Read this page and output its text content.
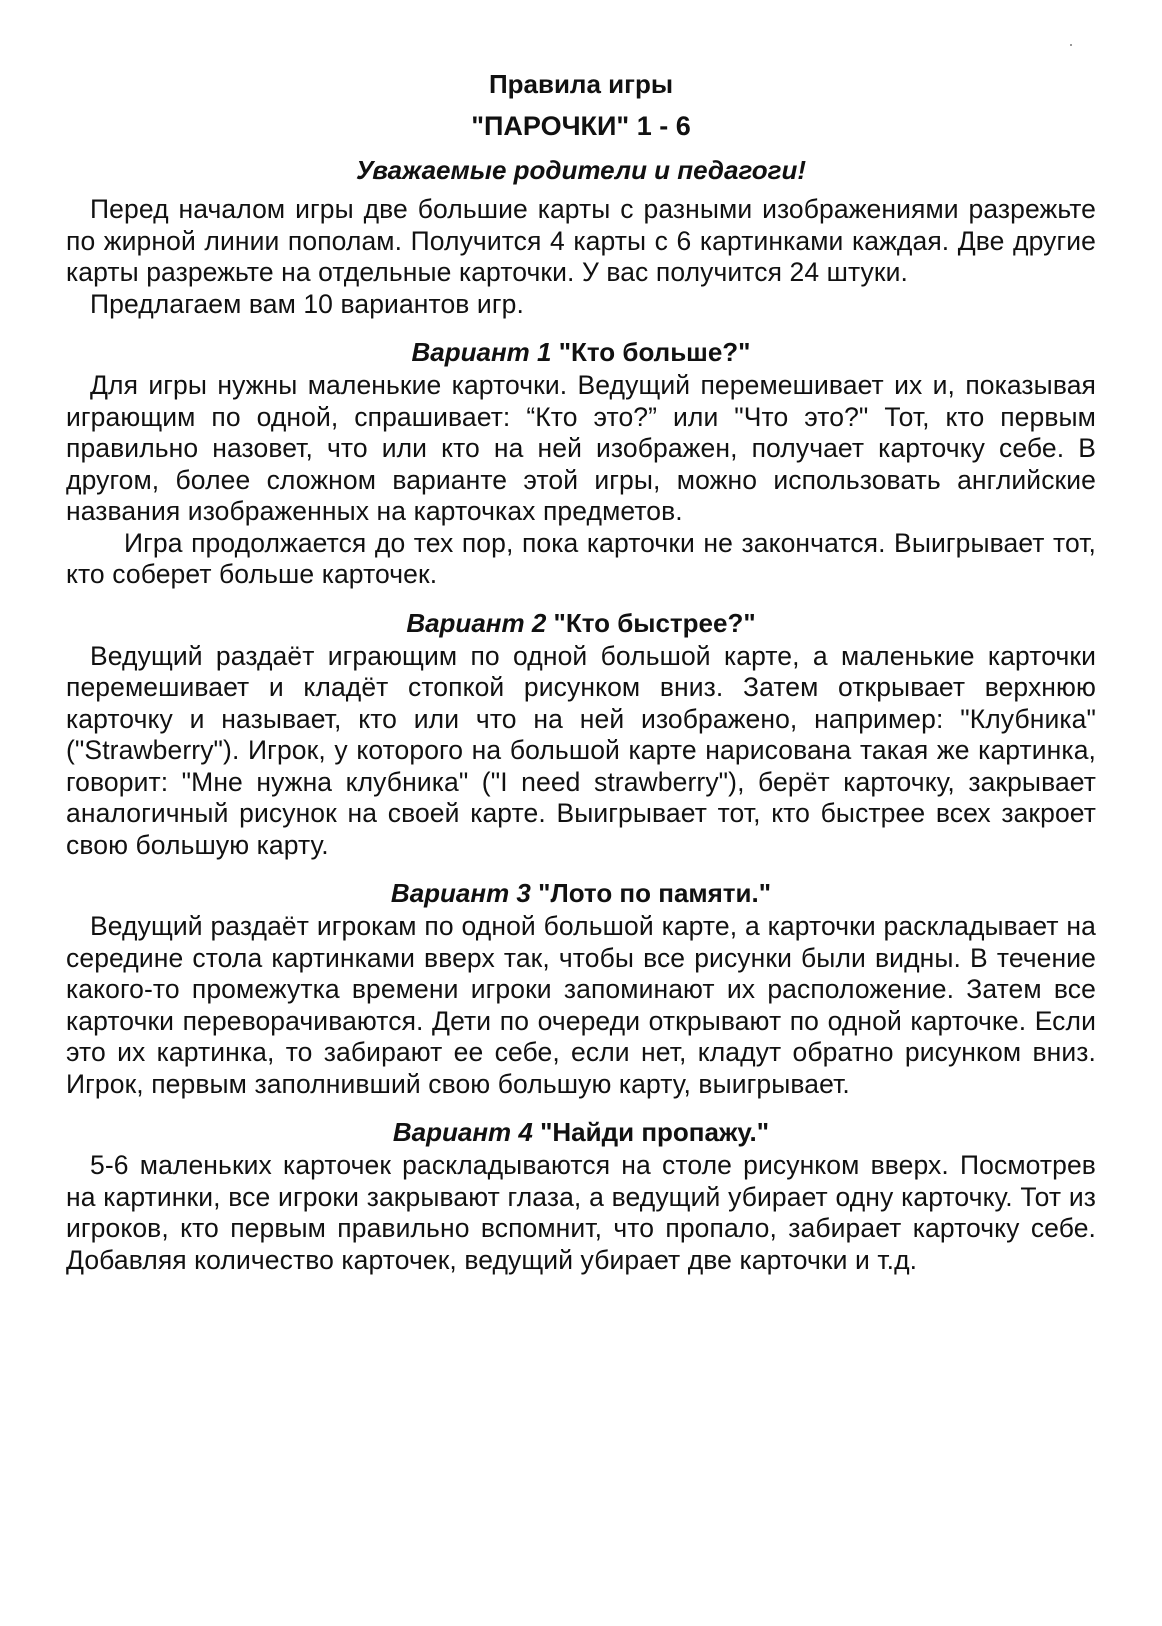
Правила игры
"ПАРОЧКИ" 1 - 6

Уважаемые родители и педагоги!

Перед началом игры две большие карты с разными изображениями разрежьте по жирной линии пополам. Получится 4 карты с 6 картинками каждая. Две другие карты разрежьте на отдельные карточки. У вас получится 24 штуки.

Предлагаем вам 10 вариантов игр.

Вариант 1 "Кто больше?"

Для игры нужны маленькие карточки. Ведущий перемешивает их и, показывая играющим по одной, спрашивает: “Кто это?” или "Что это?" Тот, кто первым правильно назовет, что или кто на ней изображен, получает карточку себе. В другом, более сложном варианте этой игры, можно использовать английские названия изображенных на карточках предметов.

Игра продолжается до тех пор, пока карточки не закончатся. Выигрывает тот, кто соберет больше карточек.

Вариант 2 "Кто быстрее?"

Ведущий раздаёт играющим по одной большой карте, а маленькие карточки перемешивает и кладёт стопкой рисунком вниз. Затем открывает верхнюю карточку и называет, кто или что на ней изображено, например: "Клубника" ("Strawberry"). Игрок, у которого на большой карте нарисована такая же картинка, говорит: "Мне нужна клубника" ("I need strawberry"), берёт карточку, закрывает аналогичный рисунок на своей карте. Выигрывает тот, кто быстрее всех закроет свою большую карту.

Вариант 3 "Лото по памяти."

Ведущий раздаёт игрокам по одной большой карте, а карточки раскладывает на середине стола картинками вверх так, чтобы все рисунки были видны. В течение какого-то промежутка времени игроки запоминают их расположение. Затем все карточки переворачиваются. Дети по очереди открывают по одной карточке. Если это их картинка, то забирают ее себе, если нет, кладут обратно рисунком вниз. Игрок, первым заполнивший свою большую карту, выигрывает.

Вариант 4 "Найди пропажу."

5-6 маленьких карточек раскладываются на столе рисунком вверх. Посмотрев на картинки, все игроки закрывают глаза, а ведущий убирает одну карточку. Тот из игроков, кто первым правильно вспомнит, что пропало, забирает карточку себе. Добавляя количество карточек, ведущий убирает две карточки и т.д.
